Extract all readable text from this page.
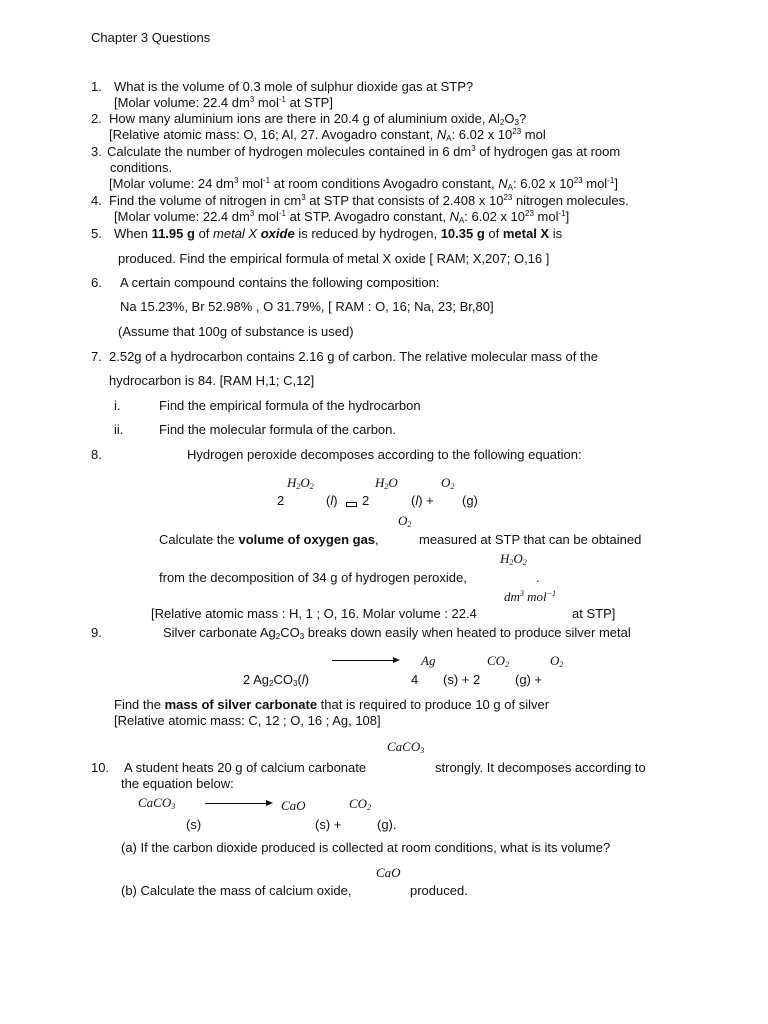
Chapter 3 Questions
1. What is the volume of 0.3 mole of sulphur dioxide gas at STP?
[Molar volume: 22.4 $dm^3$ mol$^{-1}$ at STP]
2. How many aluminium ions are there in 20.4 g of aluminium oxide, $Al_2O_3$?
[Relative atomic mass: O, 16; Al, 27. Avogadro constant, $N_A$: 6.02 x $10^{23}$ mol
3. Calculate the number of hydrogen molecules contained in 6 $dm^3$ of hydrogen gas at room
conditions.
[Molar volume: 24 $dm^3$ mol$^{-1}$ at room conditions Avogadro constant, $N_A$: 6.02 x $10^{23}$ mol$^{-1}$]
4. Find the volume of nitrogen in $cm^3$ at STP that consists of 2.408 x $10^{23}$ nitrogen molecules.
[Molar volume: 22.4 $dm^3$ mol$^{-1}$ at STP. Avogadro constant, $N_A$: 6.02 x $10^{23}$ mol$^{-1}$]
5. When 11.95 g of metal X oxide is reduced by hydrogen, 10.35 g of metal X is
produced. Find the empirical formula of metal X oxide [ RAM; X,207; O,16 ]
6. A certain compound contains the following composition:
Na 15.23%, Br 52.98% , O 31.79%, [ RAM : O, 16; Na, 23; Br,80]
(Assume that 100g of substance is used)
7. 2.52g of a hydrocarbon contains 2.16 g of carbon. The relative molecular mass of the
hydrocarbon is 84. [RAM H,1; C,12]
i.	Find the empirical formula of the hydrocarbon
ii.	Find the molecular formula of the carbon.
8.	Hydrogen peroxide decomposes according to the following equation:
$H_2O_2$	$H_2O$	$O_2$
2	(l) 2	(l) + (g)
$O_2$
Calculate the volume of oxygen gas,	measured at STP that can be obtained
$H_2O_2$
from the decomposition of 34 g of hydrogen peroxide,	.
$dm^3$ mol$^{-1}$
[Relative atomic mass : H, 1 ; O, 16. Molar volume : 22.4	at STP]
9.	Silver carbonate $Ag_2CO_3$ breaks down easily when heated to produce silver metal
Ag	$CO_2$	$O_2$
2 $Ag_2CO_3(l)$	4 (s) + 2	(g) +
Find the mass of silver carbonate that is required to produce 10 g of silver
[Relative atomic mass: C, 12 ; O, 16 ; Ag, 108]
CaCO$_3$
10. A student heats 20 g of calcium carbonate	strongly. It decomposes according to
the equation below:
CaCO$_3$	CaO	$CO_2$
(s)	(s) +	(g).
(a) If the carbon dioxide produced is collected at room conditions, what is its volume?
CaO
(b) Calculate the mass of calcium oxide,	produced.
